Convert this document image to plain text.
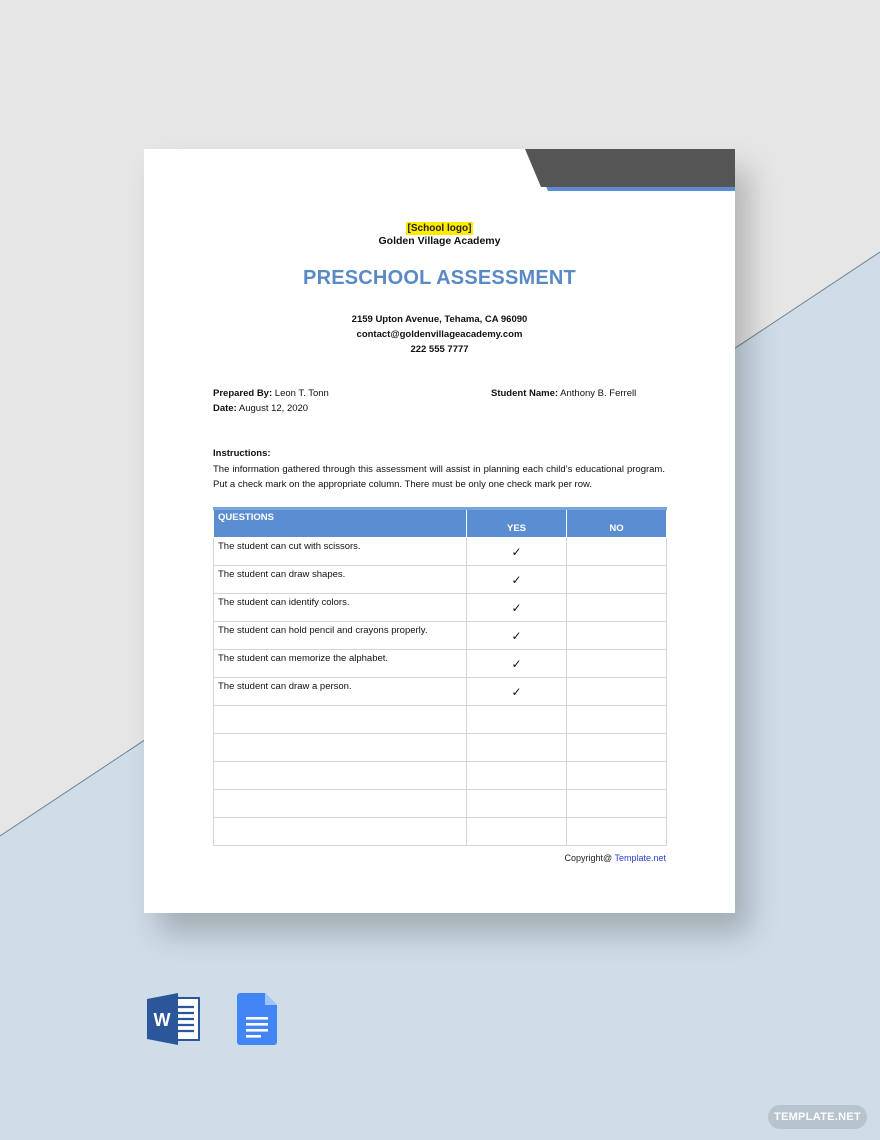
[School logo]
Golden Village Academy
PRESCHOOL ASSESSMENT
2159 Upton Avenue, Tehama, CA 96090
contact@goldenvillageacademy.com
222 555 7777
Prepared By: Leon T. Tonn
Date: August 12, 2020
Student Name: Anthony B. Ferrell
Instructions:
The information gathered through this assessment will assist in planning each child’s educational program. Put a check mark on the appropriate column. There must be only one check mark per row.
QUESTIONS	YES	NO
The student can cut with scissors.	✓	
The student can draw shapes.	✓	
The student can identify colors.	✓	
The student can hold pencil and crayons properly.	✓	
The student can memorize the alphabet.	✓	
The student can draw a person.	✓	

Copyright@ Template.net
W
TEMPLATE.NET
